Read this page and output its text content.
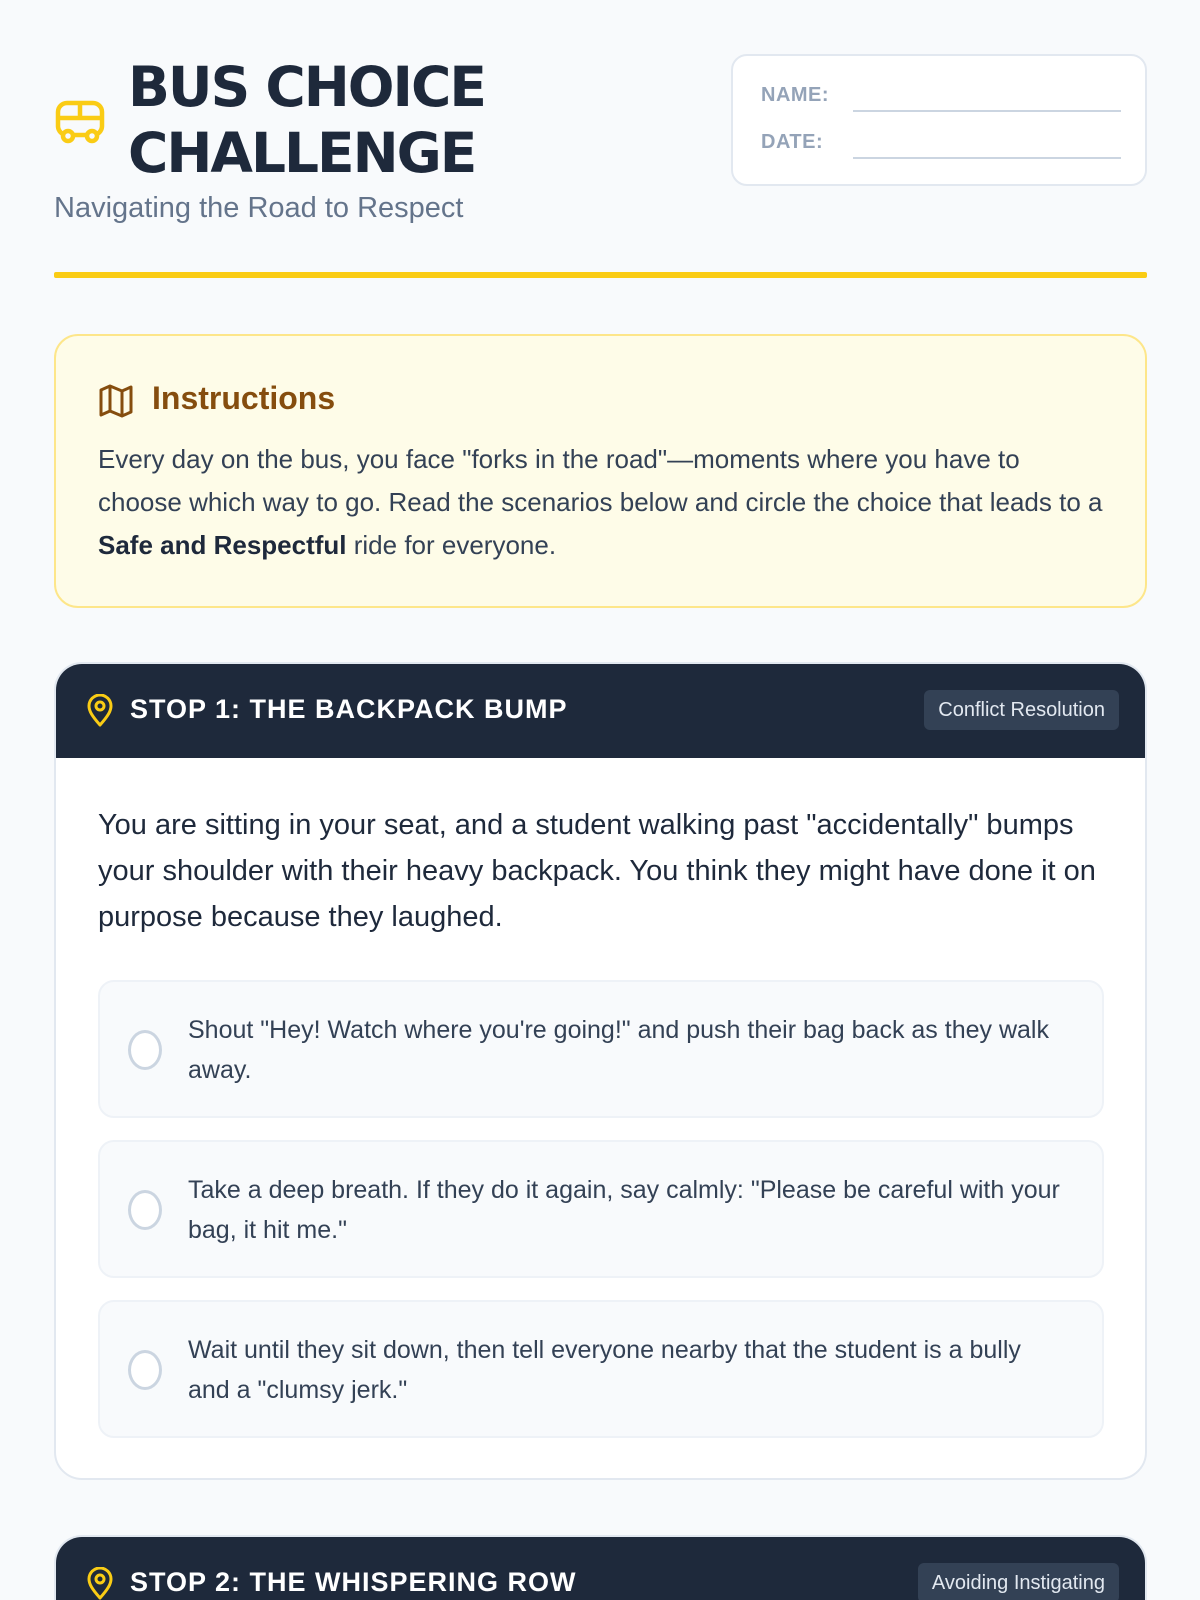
BUS CHOICE
CHALLENGE
Navigating the Road to Respect
NAME:
DATE:
Instructions

Every day on the bus, you face "forks in the road"—moments where you have to choose which way to go. Read the scenarios below and circle the choice that leads to a Safe and Respectful ride for everyone.

STOP 1: THE BACKPACK BUMP	Conflict Resolution

You are sitting in your seat, and a student walking past "accidentally" bumps your shoulder with their heavy backpack. You think they might have done it on purpose because they laughed.

Shout "Hey! Watch where you're going!" and push their bag back as they walk away.
Take a deep breath. If they do it again, say calmly: "Please be careful with your bag, it hit me."
Wait until they sit down, then tell everyone nearby that the student is a bully and a "clumsy jerk."
STOP 2: THE WHISPERING ROW	Avoiding Instigating
